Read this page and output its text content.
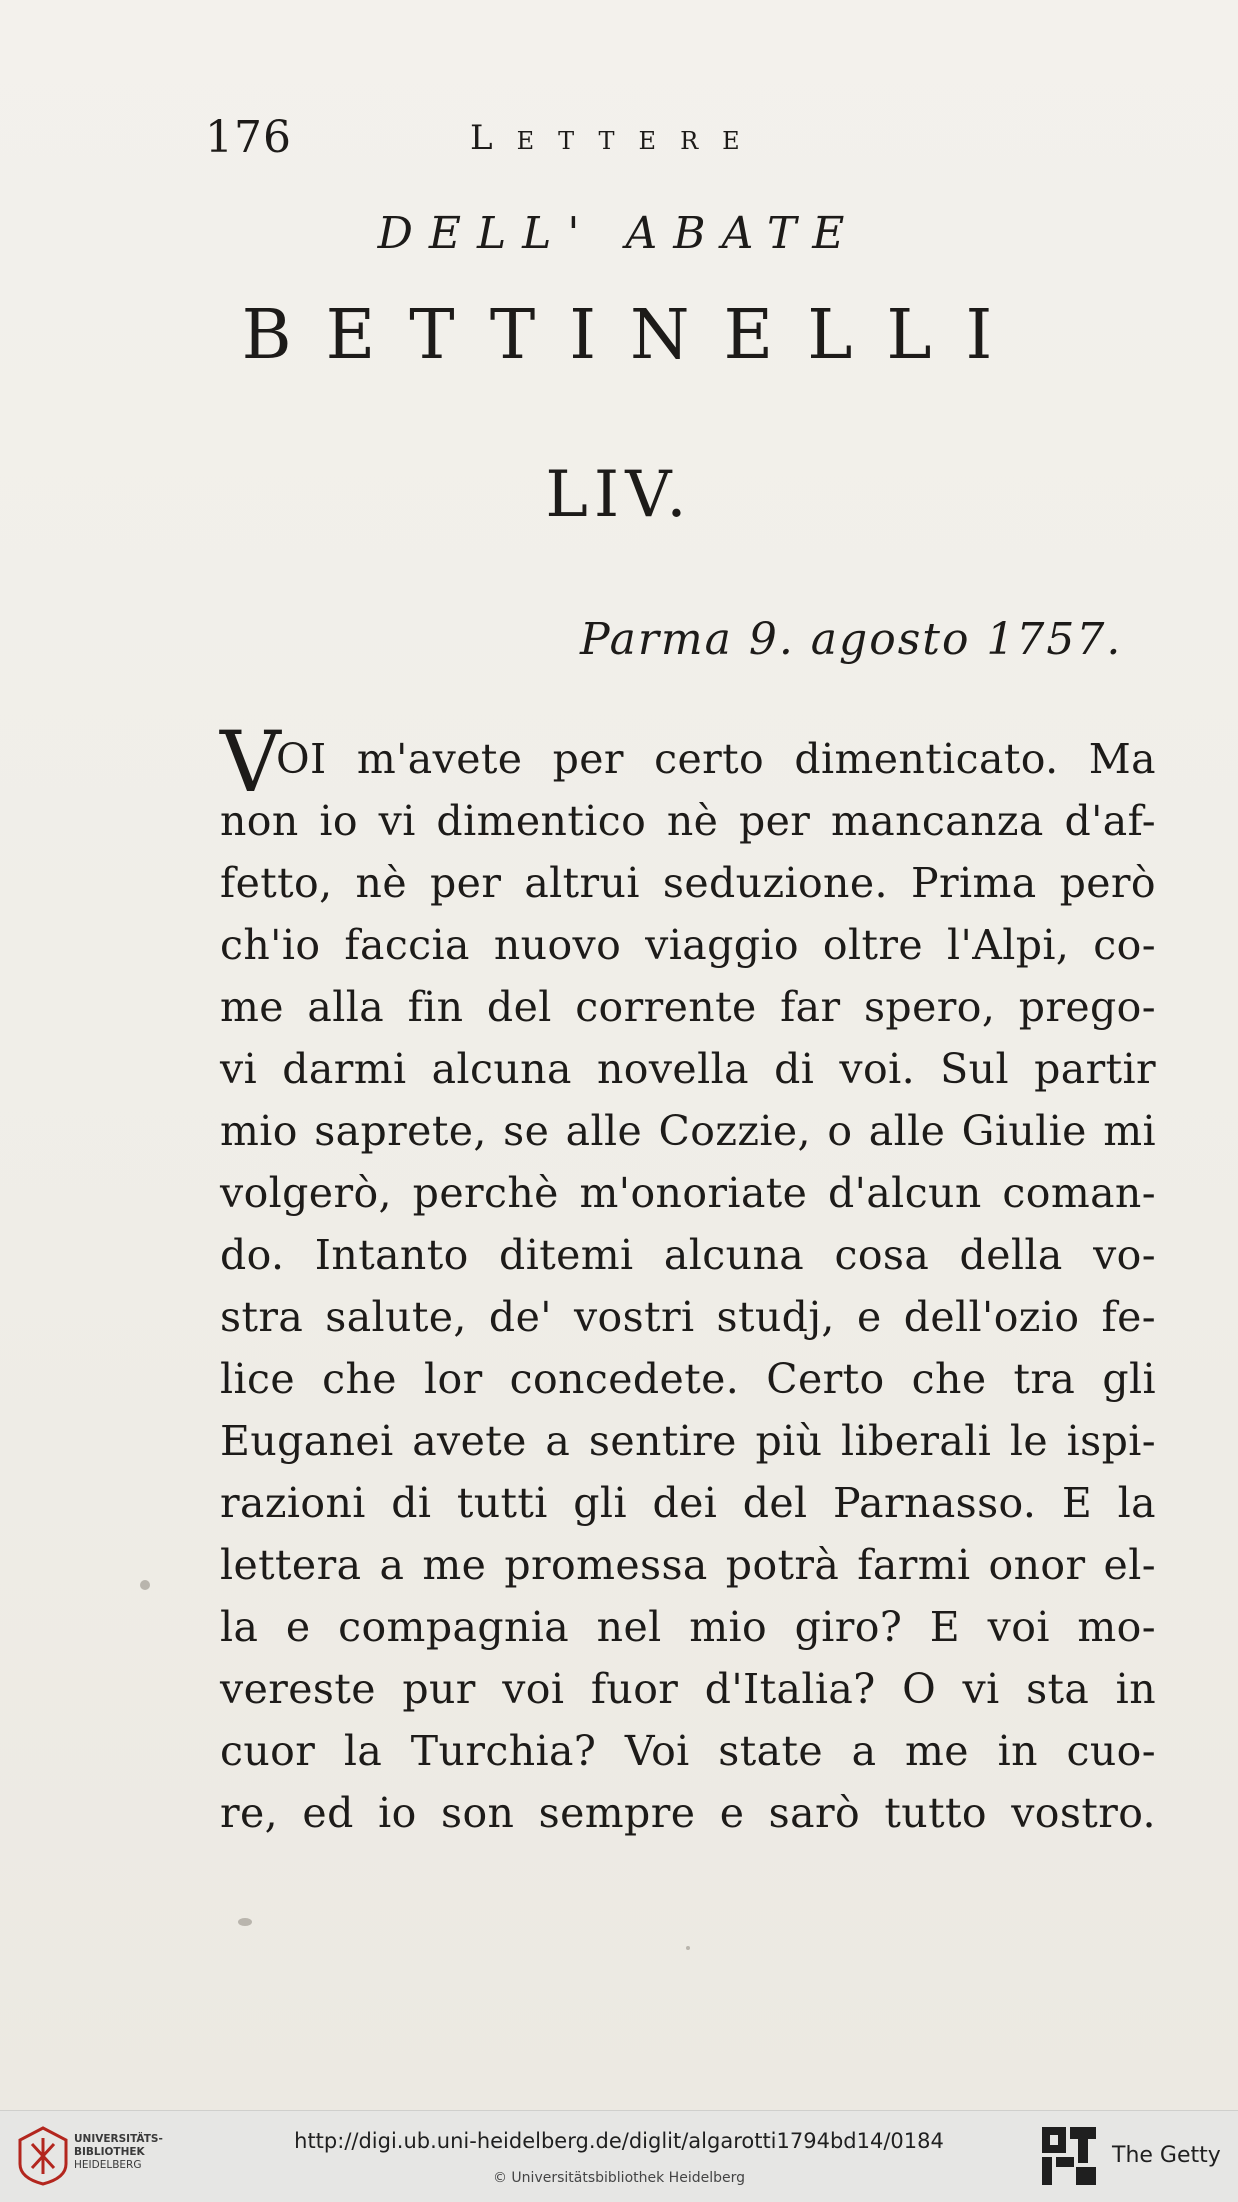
176	Lettere
DELL' ABATE
BETTINELLI
LIV.
Parma 9. agosto 1757.
V
OI m'avete per certo dimenticato. Ma
non io vi dimentico nè per mancanza d'af-
fetto, nè per altrui seduzione. Prima però
ch'io faccia nuovo viaggio oltre l'Alpi, co-
me alla fin del corrente far spero, prego-
vi darmi alcuna novella di voi. Sul partir
mio saprete, se alle Cozzie, o alle Giulie mi
volgerò, perchè m'onoriate d'alcun coman-
do. Intanto ditemi alcuna cosa della vo-
stra salute, de' vostri studj, e dell'ozio fe-
lice che lor concedete. Certo che tra gli
Euganei avete a sentire più liberali le ispi-
razioni di tutti gli dei del Parnasso. E la
lettera a me promessa potrà farmi onor el-
la e compagnia nel mio giro? E voi mo-
vereste pur voi fuor d'Italia? O vi sta in
cuor la Turchia? Voi state a me in cuo-
re, ed io son sempre e sarò tutto vostro.
UNIVERSITÄTS-
BIBLIOTHEK
HEIDELBERG
http://digi.ub.uni-heidelberg.de/diglit/algarotti1794bd14/0184
© Universitätsbibliothek Heidelberg
The Getty
